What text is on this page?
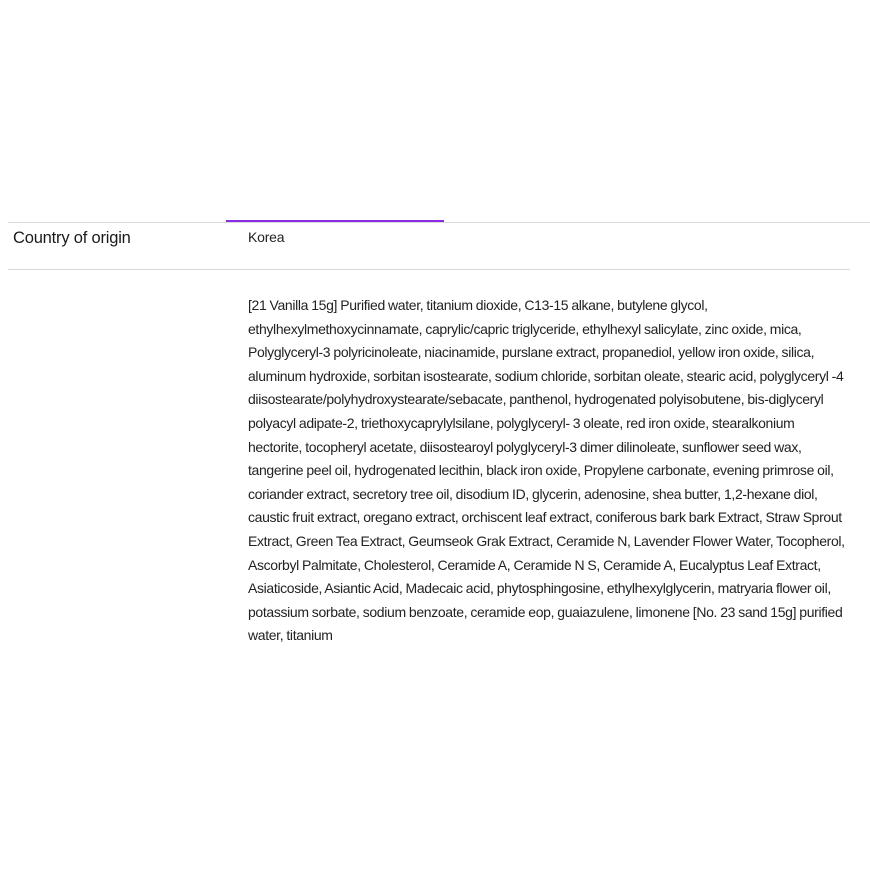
Country of origin	Korea
[21 Vanilla 15g] Purified water, titanium dioxide, C13-15 alkane, butylene glycol, ethylhexylmethoxycinnamate, caprylic/capric triglyceride, ethylhexyl salicylate, zinc oxide, mica, Polyglyceryl-3 polyricinoleate, niacinamide, purslane extract, propanediol, yellow iron oxide, silica, aluminum hydroxide, sorbitan isostearate, sodium chloride, sorbitan oleate, stearic acid, polyglyceryl -4 diisostearate/polyhydroxystearate/sebacate, panthenol, hydrogenated polyisobutene, bis-diglyceryl polyacyl adipate-2, triethoxycaprylylsilane, polyglyceryl- 3 oleate, red iron oxide, stearalkonium hectorite, tocopheryl acetate, diisostearoyl polyglyceryl-3 dimer dilinoleate, sunflower seed wax, tangerine peel oil, hydrogenated lecithin, black iron oxide, Propylene carbonate, evening primrose oil, coriander extract, secretory tree oil, disodium ID, glycerin, adenosine, shea butter, 1,2-hexane diol, caustic fruit extract, oregano extract, orchiscent leaf extract, coniferous bark bark Extract, Straw Sprout Extract, Green Tea Extract, Geumseok Grak Extract, Ceramide N, Lavender Flower Water, Tocopherol, Ascorbyl Palmitate, Cholesterol, Ceramide A, Ceramide N S, Ceramide A, Eucalyptus Leaf Extract, Asiaticoside, Asiantic Acid, Madecaic acid, phytosphingosine, ethylhexylglycerin, matryaria flower oil, potassium sorbate, sodium benzoate, ceramide eop, guaiazulene, limonene [No. 23 sand 15g] purified water, titanium
